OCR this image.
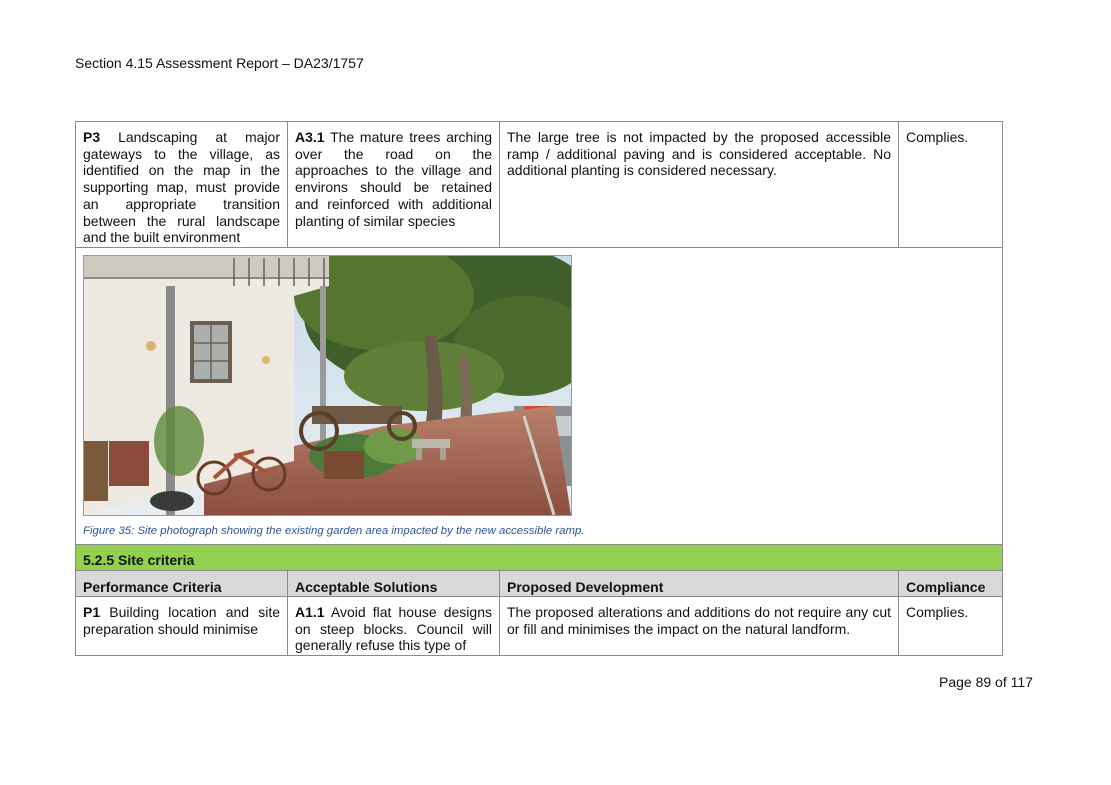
Section 4.15 Assessment Report – DA23/1757
P3 Landscaping at major gateways to the village, as identified on the map in the supporting map, must provide an appropriate transition between the rural landscape and the built environment	A3.1 The mature trees arching over the road on the approaches to the village and environs should be retained and reinforced with additional planting of similar species	The large tree is not impacted by the proposed accessible ramp / additional paving and is considered acceptable. No additional planting is considered necessary.	Complies.

Figure 35: Site photograph showing the existing garden area impacted by the new accessible ramp.			

5.2.5 Site criteria			
Performance Criteria	Acceptable Solutions	Proposed Development	Compliance

P1 Building location and site preparation should minimise	A1.1 Avoid flat house designs on steep blocks. Council will generally refuse this type of	The proposed alterations and additions do not require any cut or fill and minimises the impact on the natural landform.	Complies.
Page 89 of 117
